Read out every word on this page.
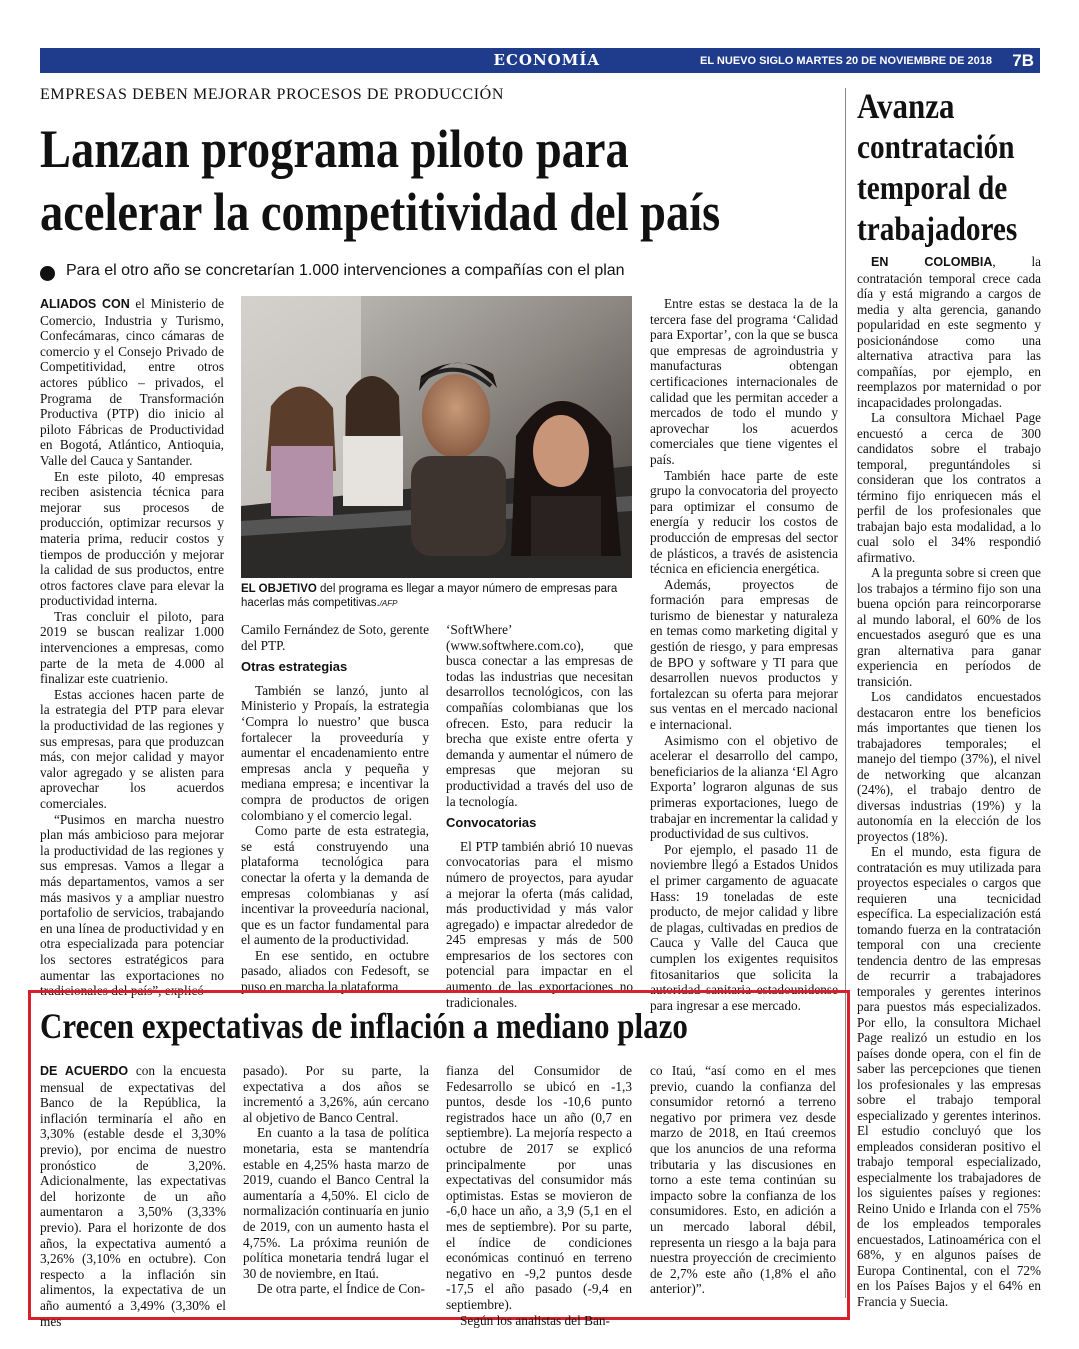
ECONOMÍA	EL NUEVO SIGLO MARTES 20 DE NOVIEMBRE DE 2018 7B
EMPRESAS DEBEN MEJORAR PROCESOS DE PRODUCCIÓN
Lanzan programa piloto para
acelerar la competitividad del país
Para el otro año se concretarían 1.000 intervenciones a compañías con el plan

ALIADOS CON el Ministerio de Comercio, Industria y Turismo, Confecámaras, cinco cámaras de comercio y el Consejo Privado de Competitividad, entre otros actores público – privados, el Programa de Transformación Productiva (PTP) dio inicio al piloto Fábricas de Productividad en Bogotá, Atlántico, Antioquia, Valle del Cauca y Santander.

En este piloto, 40 empresas reciben asistencia técnica para mejorar sus procesos de producción, optimizar recursos y materia prima, reducir costos y tiempos de producción y mejorar la calidad de sus productos, entre otros factores clave para elevar la productividad interna.

Tras concluir el piloto, para 2019 se buscan realizar 1.000 intervenciones a empresas, como parte de la meta de 4.000 al finalizar este cuatrienio.

Estas acciones hacen parte de la estrategia del PTP para elevar la productividad de las regiones y sus empresas, para que produzcan más, con mejor calidad y mayor valor agregado y se alisten para aprovechar los acuerdos comerciales.

“Pusimos en marcha nuestro plan más ambicioso para mejorar la productividad de las regiones y sus empresas. Vamos a llegar a más departamentos, vamos a ser más masivos y a ampliar nuestro portafolio de servicios, trabajando en una línea de productividad y en otra especializada para potenciar los sectores estratégicos para aumentar las exportaciones no tradicionales del país”, explicó

EL OBJETIVO del programa es llegar a mayor número de empresas para hacerlas más competitivas./AFP

Camilo Fernández de Soto, gerente del PTP.

Otras estrategias

También se lanzó, junto al Ministerio y Propaís, la estrategia ‘Compra lo nuestro’ que busca fortalecer la proveeduría y aumentar el encadenamiento entre empresas ancla y pequeña y mediana empresa; e incentivar la compra de productos de origen colombiano y el comercio legal.

Como parte de esta estrategia, se está construyendo una plataforma tecnológica para conectar la oferta y la demanda de empresas colombianas y así incentivar la proveeduría nacional, que es un factor fundamental para el aumento de la productividad.

En ese sentido, en octubre pasado, aliados con Fedesoft, se puso en marcha la plataforma

‘SoftWhere’ (www.softwhere.com.co), que busca conectar a las empresas de todas las industrias que necesitan desarrollos tecnológicos, con las compañías colombianas que los ofrecen. Esto, para reducir la brecha que existe entre oferta y demanda y aumentar el número de empresas que mejoran su productividad a través del uso de la tecnología.

Convocatorias

El PTP también abrió 10 nuevas convocatorias para el mismo número de proyectos, para ayudar a mejorar la oferta (más calidad, más productividad y más valor agregado) e impactar alrededor de 245 empresas y más de 500 empresarios de los sectores con potencial para impactar en el aumento de las exportaciones no tradicionales.

Entre estas se destaca la de la tercera fase del programa ‘Calidad para Exportar’, con la que se busca que empresas de agroindustria y manufacturas obtengan certificaciones internacionales de calidad que les permitan acceder a mercados de todo el mundo y aprovechar los acuerdos comerciales que tiene vigentes el país.

También hace parte de este grupo la convocatoria del proyecto para optimizar el consumo de energía y reducir los costos de producción de empresas del sector de plásticos, a través de asistencia técnica en eficiencia energética.

Además, proyectos de formación para empresas de turismo de bienestar y naturaleza en temas como marketing digital y gestión de riesgo, y para empresas de BPO y software y TI para que desarrollen nuevos productos y fortalezcan su oferta para mejorar sus ventas en el mercado nacional e internacional.

Asimismo con el objetivo de acelerar el desarrollo del campo, beneficiarios de la alianza ‘El Agro Exporta’ lograron algunas de sus primeras exportaciones, luego de trabajar en incrementar la calidad y productividad de sus cultivos.

Por ejemplo, el pasado 11 de noviembre llegó a Estados Unidos el primer cargamento de aguacate Hass: 19 toneladas de este producto, de mejor calidad y libre de plagas, cultivadas en predios de Cauca y Valle del Cauca que cumplen los exigentes requisitos fitosanitarios que solicita la autoridad sanitaria estadounidense para ingresar a ese mercado.

Avanza
contratación
temporal de
trabajadores

EN COLOMBIA, la contratación temporal crece cada día y está migrando a cargos de media y alta gerencia, ganando popularidad en este segmento y posicionándose como una alternativa atractiva para las compañías, por ejemplo, en reemplazos por maternidad o por incapacidades prolongadas.

La consultora Michael Page encuestó a cerca de 300 candidatos sobre el trabajo temporal, preguntándoles si consideran que los contratos a término fijo enriquecen más el perfil de los profesionales que trabajan bajo esta modalidad, a lo cual solo el 34% respondió afirmativo.

A la pregunta sobre si creen que los trabajos a término fijo son una buena opción para reincorporarse al mundo laboral, el 60% de los encuestados aseguró que es una gran alternativa para ganar experiencia en períodos de transición.

Los candidatos encuestados destacaron entre los beneficios más importantes que tienen los trabajadores temporales; el manejo del tiempo (37%), el nivel de networking que alcanzan (24%), el trabajo dentro de diversas industrias (19%) y la autonomía en la elección de los proyectos (18%).

En el mundo, esta figura de contratación es muy utilizada para proyectos especiales o cargos que requieren una tecnicidad específica. La especialización está tomando fuerza en la contratación temporal con una creciente tendencia dentro de las empresas de recurrir a trabajadores temporales y gerentes interinos para puestos más especializados. Por ello, la consultora Michael Page realizó un estudio en los países donde opera, con el fin de saber las percepciones que tienen los profesionales y las empresas sobre el trabajo temporal especializado y gerentes interinos. El estudio concluyó que los empleados consideran positivo el trabajo temporal especializado, especialmente los trabajadores de los siguientes países y regiones: Reino Unido e Irlanda con el 75% de los empleados temporales encuestados, Latinoamérica con el 68%, y en algunos países de Europa Continental, con el 72% en los Países Bajos y el 64% en Francia y Suecia.

Crecen expectativas de inflación a mediano plazo

DE ACUERDO con la encuesta mensual de expectativas del Banco de la República, la inflación terminaría el año en 3,30% (estable desde el 3,30% previo), por encima de nuestro pronóstico de 3,20%. Adicionalmente, las expectativas del horizonte de un año aumentaron a 3,50% (3,33% previo). Para el horizonte de dos años, la expectativa aumentó a 3,26% (3,10% en octubre). Con respecto a la inflación sin alimentos, la expectativa de un año aumentó a 3,49% (3,30% el mes

pasado). Por su parte, la expectativa a dos años se incrementó a 3,26%, aún cercano al objetivo de Banco Central.

En cuanto a la tasa de política monetaria, esta se mantendría estable en 4,25% hasta marzo de 2019, cuando el Banco Central la aumentaría a 4,50%. El ciclo de normalización continuaría en junio de 2019, con un aumento hasta el 4,75%. La próxima reunión de política monetaria tendrá lugar el 30 de noviembre, en Itaú.

De otra parte, el Índice de Con-

fianza del Consumidor de Fedesarrollo se ubicó en -1,3 puntos, desde los -10,6 punto registrados hace un año (0,7 en septiembre). La mejoría respecto a octubre de 2017 se explicó principalmente por unas expectativas del consumidor más optimistas. Estas se movieron de -6,0 hace un año, a 3,9 (5,1 en el mes de septiembre). Por su parte, el índice de condiciones económicas continuó en terreno negativo en -9,2 puntos desde -17,5 el año pasado (-9,4 en septiembre).

Según los analistas del Ban-

co Itaú, “así como en el mes previo, cuando la confianza del consumidor retornó a terreno negativo por primera vez desde marzo de 2018, en Itaú creemos que los anuncios de una reforma tributaria y las discusiones en torno a este tema continúan su impacto sobre la confianza de los consumidores. Esto, en adición a un mercado laboral débil, representa un riesgo a la baja para nuestra proyección de crecimiento de 2,7% este año (1,8% el año anterior)”.
